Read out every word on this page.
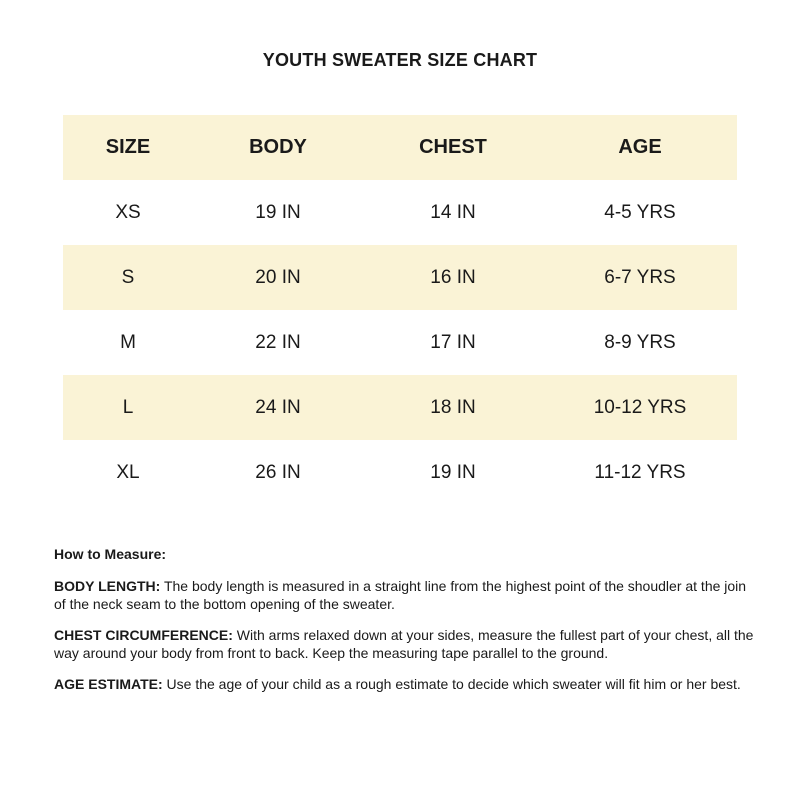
YOUTH SWEATER SIZE CHART
SIZE	BODY	CHEST	AGE
XS	19 IN	14 IN	4-5 YRS
S	20 IN	16 IN	6-7 YRS
M	22 IN	17 IN	8-9 YRS
L	24 IN	18 IN	10-12 YRS
XL	26 IN	19 IN	11-12 YRS

How to Measure:

BODY LENGTH: The body length is measured in a straight line from the highest point of the shoudler at the join of the neck seam to the bottom opening of the sweater.

CHEST CIRCUMFERENCE: With arms relaxed down at your sides, measure the fullest part of your chest, all the way around your body from front to back. Keep the measuring tape parallel to the ground.

AGE ESTIMATE: Use the age of your child as a rough estimate to decide which sweater will fit him or her best.
